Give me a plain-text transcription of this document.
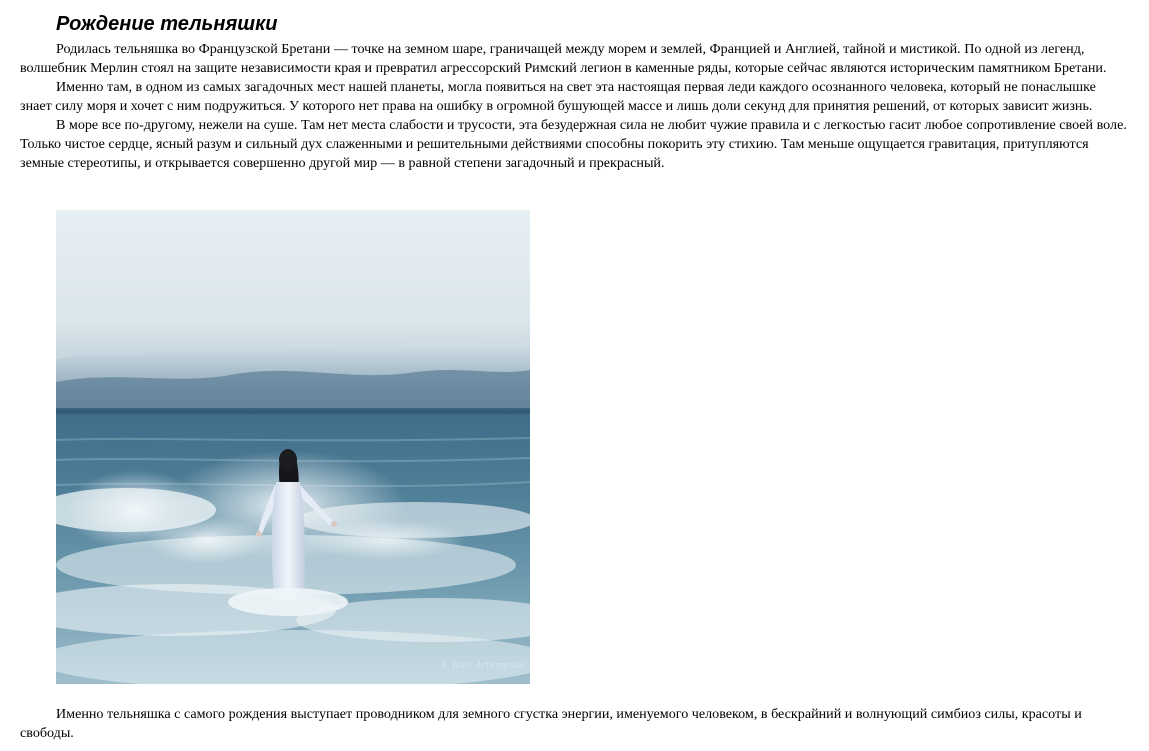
Рождение тельняшки

Родилась тельняшка во Французской Бретани — точке на земном шаре, граничащей между морем и землей, Францией и Англией, тайной и мистикой. По одной из легенд, волшебник Мерлин стоял на защите независимости края и превратил агрессорский Римский легион в каменные ряды, которые сейчас являются историческим памятником Бретани.

Именно там, в одном из самых загадочных мест нашей планеты, могла появиться на свет эта настоящая первая леди каждого осознанного человека, который не понаслышке знает силу моря и хочет с ним подружиться. У которого нет права на ошибку в огромной бушующей массе и лишь доли секунд для принятия решений, от которых зависит жизнь.

В море все по-другому, нежели на суше. Там нет места слабости и трусости, эта безудержная сила не любит чужие правила и с легкостью гасит любое сопротивление своей воле. Только чистое сердце, ясный разум и сильный дух слаженными и решительными действиями способны покорить эту стихию. Там меньше ощущается гравитация, притупляются земные стереотипы, и открывается совершенно другой мир — в равной степени загадочный и прекрасный.

A. Ruiz Artemenko

Именно тельняшка с самого рождения выступает проводником для земного сгустка энергии, именуемого человеком, в бескрайний и волнующий симбиоз силы, красоты и свободы.
